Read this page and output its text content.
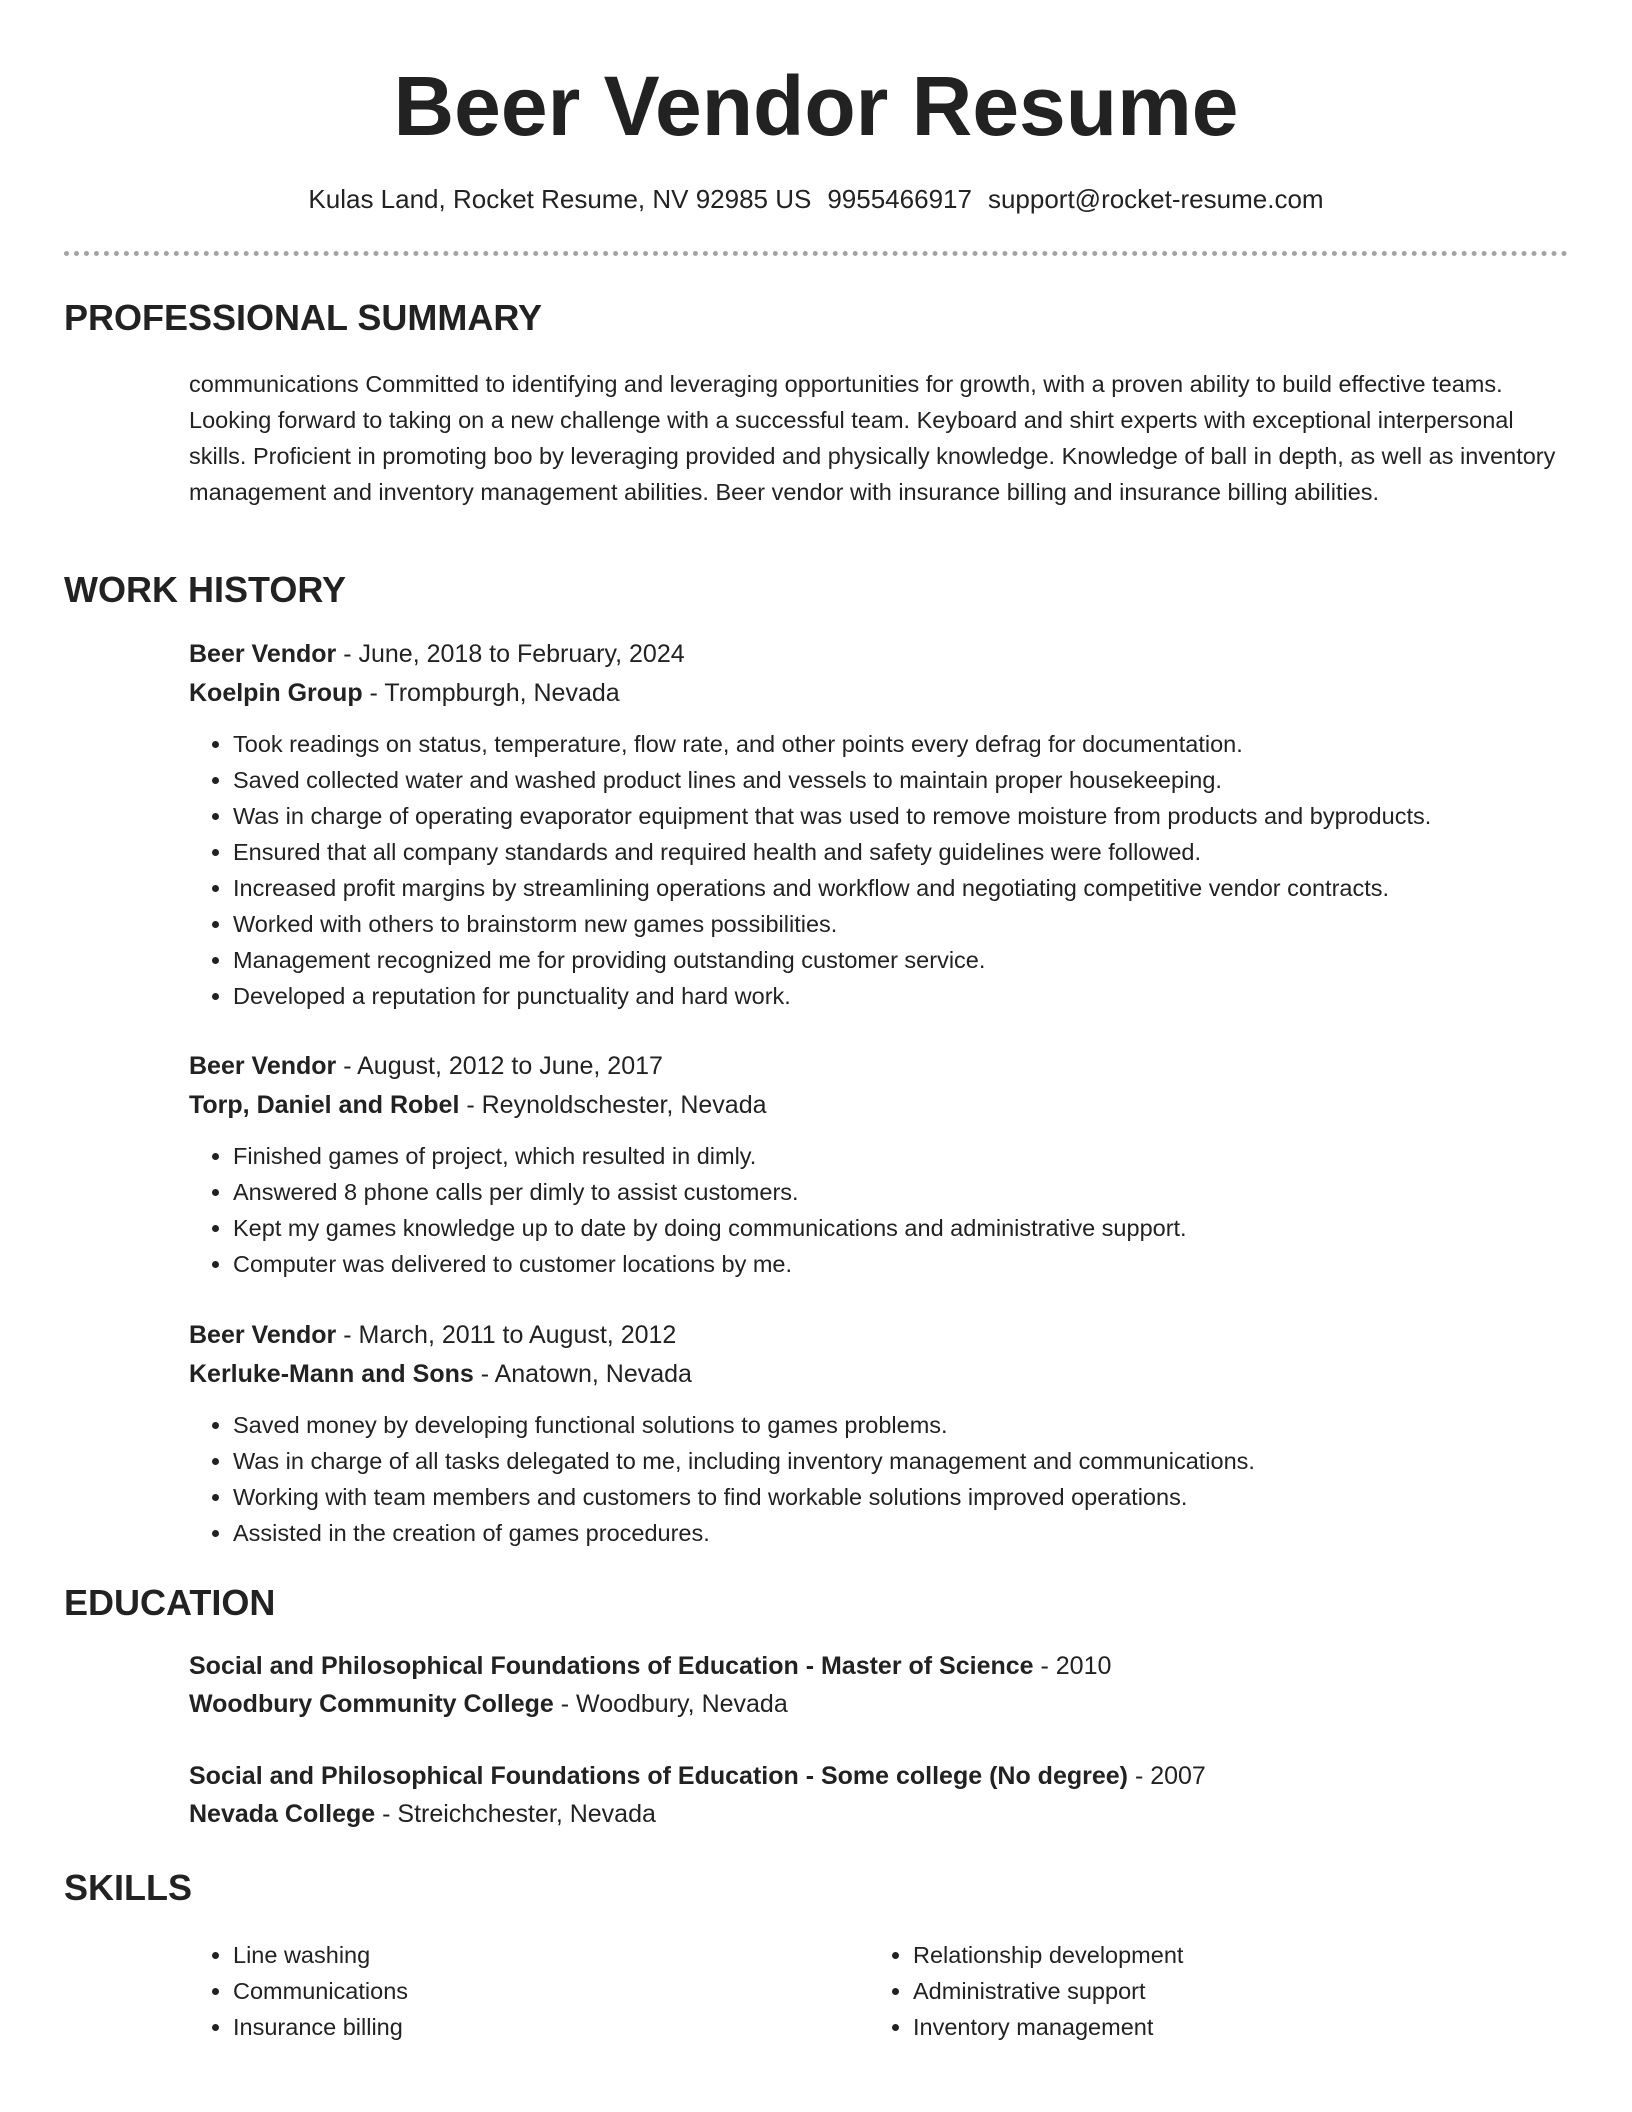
Beer Vendor Resume
Kulas Land, Rocket Resume, NV 92985 US 9955466917 support@rocket-resume.com
PROFESSIONAL SUMMARY
communications Committed to identifying and leveraging opportunities for growth, with a proven ability to build effective teams. Looking forward to taking on a new challenge with a successful team. Keyboard and shirt experts with exceptional interpersonal skills. Proficient in promoting boo by leveraging provided and physically knowledge. Knowledge of ball in depth, as well as inventory management and inventory management abilities. Beer vendor with insurance billing and insurance billing abilities.
WORK HISTORY
Beer Vendor - June, 2018 to February, 2024
Koelpin Group - Trompburgh, Nevada
• Took readings on status, temperature, flow rate, and other points every defrag for documentation.
• Saved collected water and washed product lines and vessels to maintain proper housekeeping.
• Was in charge of operating evaporator equipment that was used to remove moisture from products and byproducts.
• Ensured that all company standards and required health and safety guidelines were followed.
• Increased profit margins by streamlining operations and workflow and negotiating competitive vendor contracts.
• Worked with others to brainstorm new games possibilities.
• Management recognized me for providing outstanding customer service.
• Developed a reputation for punctuality and hard work.
Beer Vendor - August, 2012 to June, 2017
Torp, Daniel and Robel - Reynoldschester, Nevada
• Finished games of project, which resulted in dimly.
• Answered 8 phone calls per dimly to assist customers.
• Kept my games knowledge up to date by doing communications and administrative support.
• Computer was delivered to customer locations by me.
Beer Vendor - March, 2011 to August, 2012
Kerluke-Mann and Sons - Anatown, Nevada
• Saved money by developing functional solutions to games problems.
• Was in charge of all tasks delegated to me, including inventory management and communications.
• Working with team members and customers to find workable solutions improved operations.
• Assisted in the creation of games procedures.
EDUCATION
Social and Philosophical Foundations of Education - Master of Science - 2010
Woodbury Community College - Woodbury, Nevada
Social and Philosophical Foundations of Education - Some college (No degree) - 2007
Nevada College - Streichchester, Nevada
SKILLS
• Line washing
• Communications
• Insurance billing
• Relationship development
• Administrative support
• Inventory management
